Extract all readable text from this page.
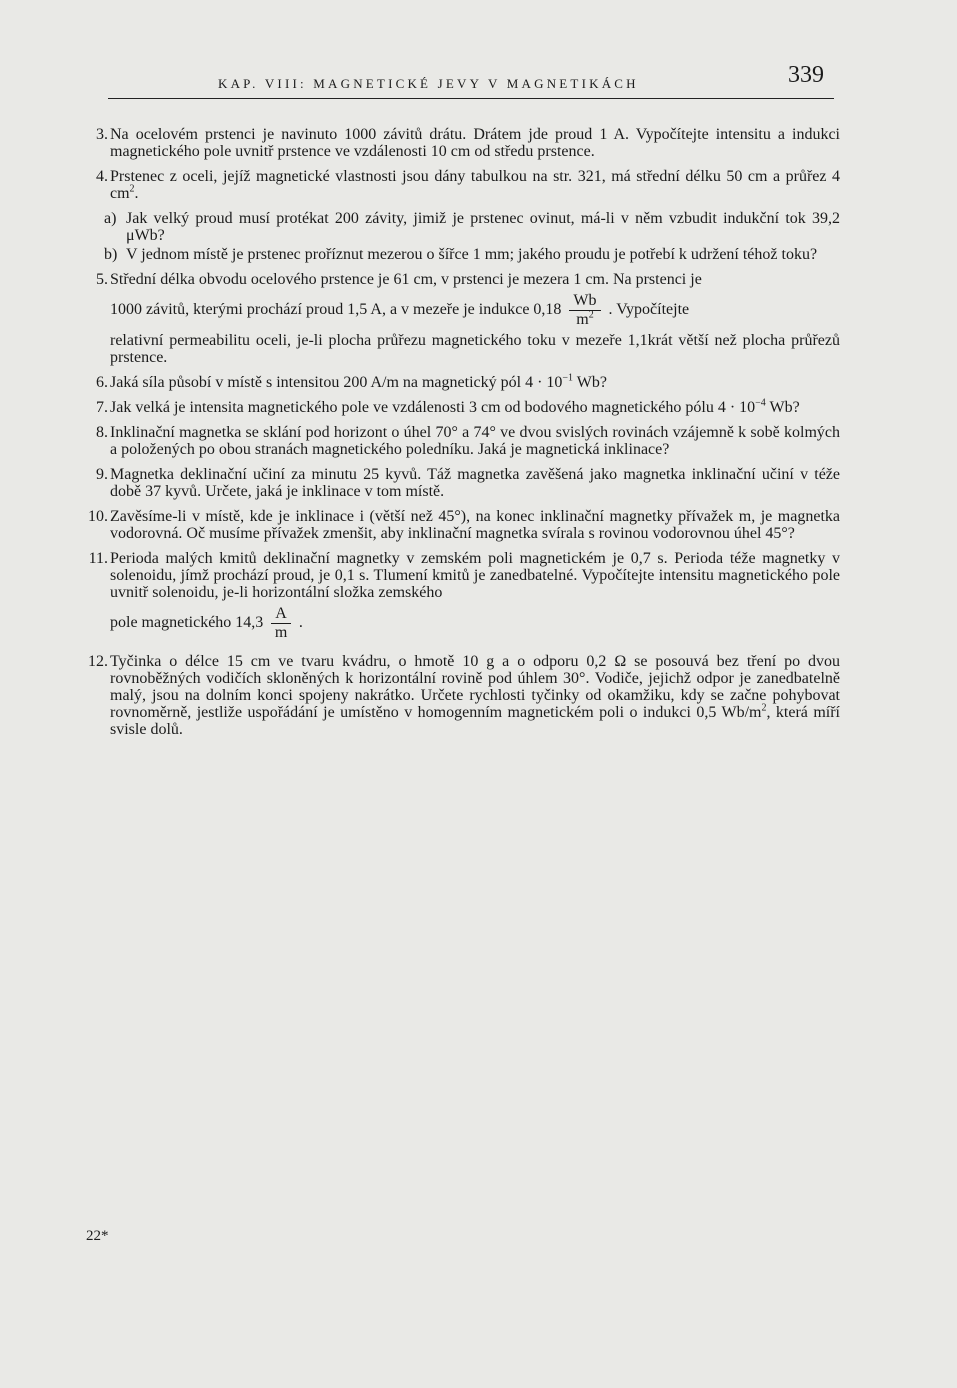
KAP. VIII: MAGNETICKÉ JEVY V MAGNETIKÁCH	339
3. Na ocelovém prstenci je navinuto 1000 závitů drátu. Drátem jde proud 1 A. Vypočítejte intensitu a indukci magnetického pole uvnitř prstence ve vzdálenosti 10 cm od středu prstence.
4. Prstenec z oceli, jejíž magnetické vlastnosti jsou dány tabulkou na str. 321, má střední délku 50 cm a průřez 4 $cm^2$.
a) Jak velký proud musí protékat 200 závity, jimiž je prstenec ovinut, má-li v něm vzbudit indukční tok 39,2 μWb?
b) V jednom místě je prstenec proříznut mezerou o šířce 1 mm; jakého proudu je potřebí k udržení téhož toku?
5. Střední délka obvodu ocelového prstence je 61 cm, v prstenci je mezera 1 cm. Na prstenci je
1000 závitů, kterými prochází proud 1,5 A, a v mezeře je indukce $0,18 \frac{Wb}{m^2}$ . Vypočítejte
relativní permeabilitu oceli, je-li plocha průřezu magnetického toku v mezeře 1,1krát větší než plocha průřezů prstence.
6. Jaká síla působí v místě s intensitou 200 A/m na magnetický pól $4 \cdot 10^{-1}$ Wb?
7. Jak velká je intensita magnetického pole ve vzdálenosti 3 cm od bodového magnetického pólu $4 \cdot 10^{-4}$ Wb?
8. Inklinační magnetka se sklání pod horizont o úhel 70° a 74° ve dvou svislých rovinách vzájemně k sobě kolmých a položených po obou stranách magnetického poledníku. Jaká je magnetická inklinace?
9. Magnetka deklinační učiní za minutu 25 kyvů. Táž magnetka zavěšená jako magnetka inklinační učiní v téže době 37 kyvů. Určete, jaká je inklinace v tom místě.
10. Zavěsíme-li v místě, kde je inklinace i (větší než 45°), na konec inklinační magnetky přívažek m, je magnetka vodorovná. Oč musíme přívažek zmenšit, aby inklinační magnetka svírala s rovinou vodorovnou úhel 45°?
11. Perioda malých kmitů deklinační magnetky v zemském poli magnetickém je 0,7 s. Perioda téže magnetky v solenoidu, jímž prochází proud, je 0,1 s. Tlumení kmitů je zanedbatelné. Vypočítejte intensitu magnetického pole uvnitř solenoidu, je-li horizontální složka zemského
pole magnetického $14,3 \frac{A}{m}$ .
12. Tyčinka o délce 15 cm ve tvaru kvádru, o hmotě 10 g a o odporu 0,2 Ω se posouvá bez tření po dvou rovnoběžných vodičích skloněných k horizontální rovině pod úhlem 30°. Vodiče, jejichž odpor je zanedbatelně malý, jsou na dolním konci spojeny nakrátko. Určete rychlosti tyčinky od okamžiku, kdy se začne pohybovat rovnoměrně, jestliže uspořádání je umístěno v homogenním magnetickém poli o indukci 0,5 $Wb/m^2$, která míří svisle dolů.
22*
